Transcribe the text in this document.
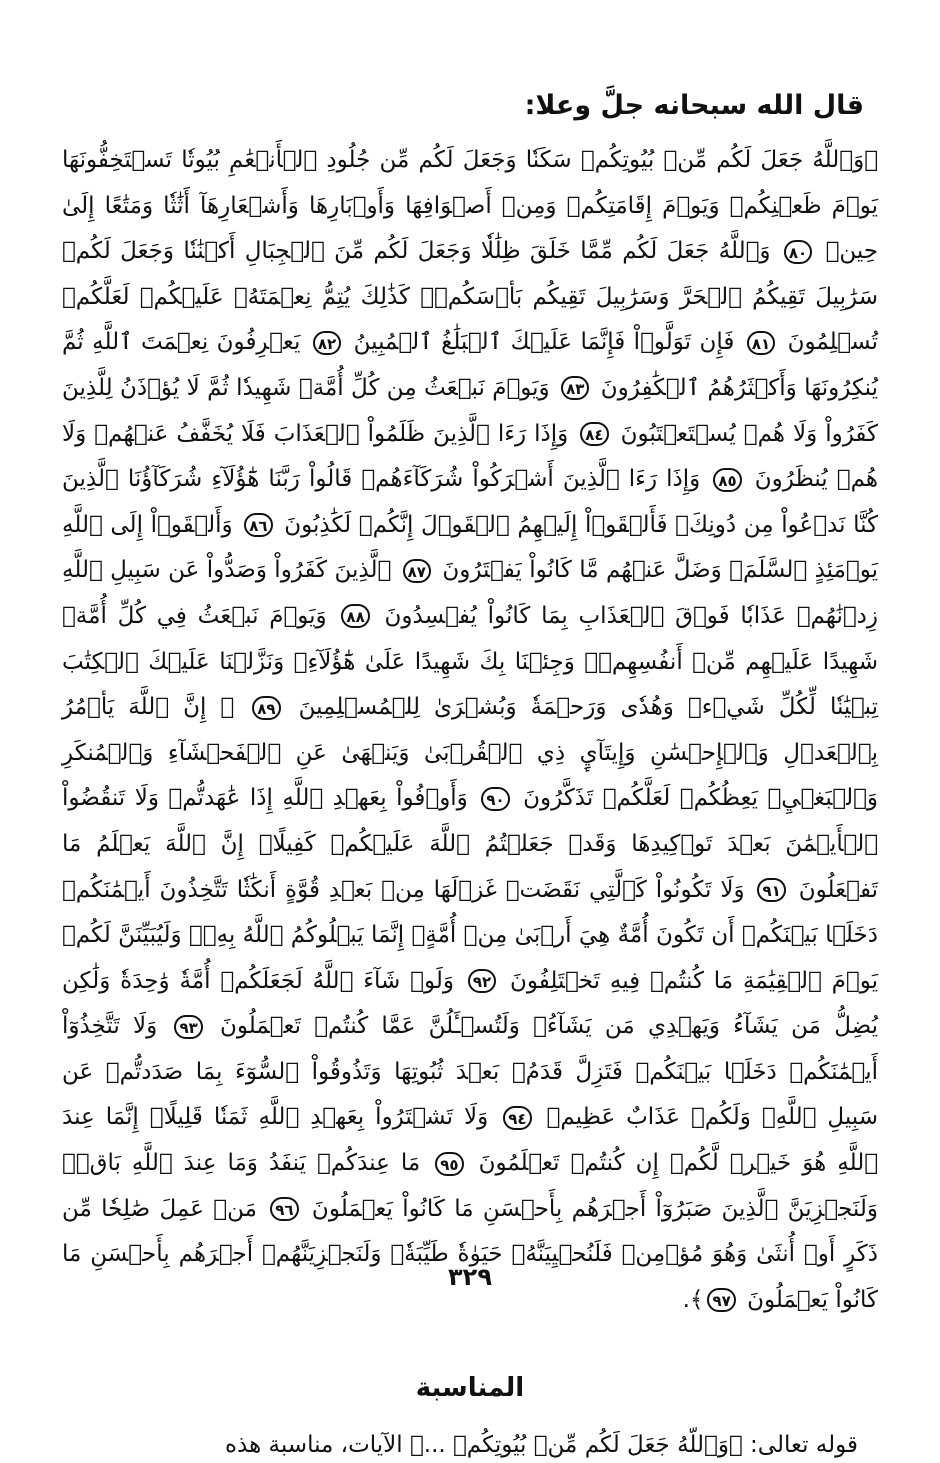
قال الله سبحانه جلَّ وعلا:

﴿وَٱللَّهُ جَعَلَ لَكُم مِّنۢ بُيُوتِكُمۡ سَكَنٗا وَجَعَلَ لَكُم مِّن جُلُودِ ٱلۡأَنۡعَٰمِ بُيُوتٗا تَسۡتَخِفُّونَهَا يَوۡمَ ظَعۡنِكُمۡ وَيَوۡمَ إِقَامَتِكُمۡ وَمِنۡ أَصۡوَافِهَا وَأَوۡبَارِهَا وَأَشۡعَارِهَآ أَثَٰثٗا وَمَتَٰعًا إِلَىٰ حِينٖ ٨٠ وَٱللَّهُ جَعَلَ لَكُم مِّمَّا خَلَقَ ظِلَٰلٗا وَجَعَلَ لَكُم مِّنَ ٱلۡجِبَالِ أَكۡنَٰنٗا وَجَعَلَ لَكُمۡ سَرَٰبِيلَ تَقِيكُمُ ٱلۡحَرَّ وَسَرَٰبِيلَ تَقِيكُم بَأۡسَكُمۡۚ كَذَٰلِكَ يُتِمُّ نِعۡمَتَهُۥ عَلَيۡكُمۡ لَعَلَّكُمۡ تُسۡلِمُونَ ٨١ فَإِن تَوَلَّوۡاْ فَإِنَّمَا عَلَيۡكَ ٱلۡبَلَٰغُ ٱلۡمُبِينُ ٨٢ يَعۡرِفُونَ نِعۡمَتَ ٱللَّهِ ثُمَّ يُنكِرُونَهَا وَأَكۡثَرُهُمُ ٱلۡكَٰفِرُونَ ٨٣ وَيَوۡمَ نَبۡعَثُ مِن كُلِّ أُمَّةٖ شَهِيدٗا ثُمَّ لَا يُؤۡذَنُ لِلَّذِينَ كَفَرُواْ وَلَا هُمۡ يُسۡتَعۡتَبُونَ ٨٤ وَإِذَا رَءَا ٱلَّذِينَ ظَلَمُواْ ٱلۡعَذَابَ فَلَا يُخَفَّفُ عَنۡهُمۡ وَلَا هُمۡ يُنظَرُونَ ٨٥ وَإِذَا رَءَا ٱلَّذِينَ أَشۡرَكُواْ شُرَكَآءَهُمۡ قَالُواْ رَبَّنَا هَٰٓؤُلَآءِ شُرَكَآؤُنَا ٱلَّذِينَ كُنَّا نَدۡعُواْ مِن دُونِكَۖ فَأَلۡقَوۡاْ إِلَيۡهِمُ ٱلۡقَوۡلَ إِنَّكُمۡ لَكَٰذِبُونَ ٨٦ وَأَلۡقَوۡاْ إِلَى ٱللَّهِ يَوۡمَئِذٍ ٱلسَّلَمَۖ وَضَلَّ عَنۡهُم مَّا كَانُواْ يَفۡتَرُونَ ٨٧ ٱلَّذِينَ كَفَرُواْ وَصَدُّواْ عَن سَبِيلِ ٱللَّهِ زِدۡنَٰهُمۡ عَذَابٗا فَوۡقَ ٱلۡعَذَابِ بِمَا كَانُواْ يُفۡسِدُونَ ٨٨ وَيَوۡمَ نَبۡعَثُ فِي كُلِّ أُمَّةٖ شَهِيدًا عَلَيۡهِم مِّنۡ أَنفُسِهِمۡۖ وَجِئۡنَا بِكَ شَهِيدًا عَلَىٰ هَٰٓؤُلَآءِۚ وَنَزَّلۡنَا عَلَيۡكَ ٱلۡكِتَٰبَ تِبۡيَٰنٗا لِّكُلِّ شَيۡءٖ وَهُدٗى وَرَحۡمَةٗ وَبُشۡرَىٰ لِلۡمُسۡلِمِينَ ٨٩ ۞ إِنَّ ٱللَّهَ يَأۡمُرُ بِٱلۡعَدۡلِ وَٱلۡإِحۡسَٰنِ وَإِيتَآيِٕ ذِي ٱلۡقُرۡبَىٰ وَيَنۡهَىٰ عَنِ ٱلۡفَحۡشَآءِ وَٱلۡمُنكَرِ وَٱلۡبَغۡيِۚ يَعِظُكُمۡ لَعَلَّكُمۡ تَذَكَّرُونَ ٩٠ وَأَوۡفُواْ بِعَهۡدِ ٱللَّهِ إِذَا عَٰهَدتُّمۡ وَلَا تَنقُضُواْ ٱلۡأَيۡمَٰنَ بَعۡدَ تَوۡكِيدِهَا وَقَدۡ جَعَلۡتُمُ ٱللَّهَ عَلَيۡكُمۡ كَفِيلًاۚ إِنَّ ٱللَّهَ يَعۡلَمُ مَا تَفۡعَلُونَ ٩١ وَلَا تَكُونُواْ كَٱلَّتِي نَقَضَتۡ غَزۡلَهَا مِنۢ بَعۡدِ قُوَّةٍ أَنكَٰثٗا تَتَّخِذُونَ أَيۡمَٰنَكُمۡ دَخَلَۢا بَيۡنَكُمۡ أَن تَكُونَ أُمَّةٌ هِيَ أَرۡبَىٰ مِنۡ أُمَّةٍۚ إِنَّمَا يَبۡلُوكُمُ ٱللَّهُ بِهِۦۚ وَلَيُبَيِّنَنَّ لَكُمۡ يَوۡمَ ٱلۡقِيَٰمَةِ مَا كُنتُمۡ فِيهِ تَخۡتَلِفُونَ ٩٢ وَلَوۡ شَآءَ ٱللَّهُ لَجَعَلَكُمۡ أُمَّةٗ وَٰحِدَةٗ وَلَٰكِن يُضِلُّ مَن يَشَآءُ وَيَهۡدِي مَن يَشَآءُۚ وَلَتُسۡـَٔلُنَّ عَمَّا كُنتُمۡ تَعۡمَلُونَ ٩٣ وَلَا تَتَّخِذُوٓاْ أَيۡمَٰنَكُمۡ دَخَلَۢا بَيۡنَكُمۡ فَتَزِلَّ قَدَمُۢ بَعۡدَ ثُبُوتِهَا وَتَذُوقُواْ ٱلسُّوٓءَ بِمَا صَدَدتُّمۡ عَن سَبِيلِ ٱللَّهِۖ وَلَكُمۡ عَذَابٌ عَظِيمٞ ٩٤ وَلَا تَشۡتَرُواْ بِعَهۡدِ ٱللَّهِ ثَمَنٗا قَلِيلًاۚ إِنَّمَا عِندَ ٱللَّهِ هُوَ خَيۡرٞ لَّكُمۡ إِن كُنتُمۡ تَعۡلَمُونَ ٩٥ مَا عِندَكُمۡ يَنفَدُ وَمَا عِندَ ٱللَّهِ بَاقٖۗ وَلَنَجۡزِيَنَّ ٱلَّذِينَ صَبَرُوٓاْ أَجۡرَهُم بِأَحۡسَنِ مَا كَانُواْ يَعۡمَلُونَ ٩٦ مَنۡ عَمِلَ صَٰلِحٗا مِّن ذَكَرٍ أَوۡ أُنثَىٰ وَهُوَ مُؤۡمِنٞ فَلَنُحۡيِيَنَّهُۥ حَيَوٰةٗ طَيِّبَةٗۖ وَلَنَجۡزِيَنَّهُمۡ أَجۡرَهُم بِأَحۡسَنِ مَا كَانُواْ يَعۡمَلُونَ ٩٧﴾.

المناسبة

قوله تعالى: ﴿وَٱللَّهُ جَعَلَ لَكُم مِّنۢ بُيُوتِكُمۡ ...﴾ الآيات، مناسبة هذه

٣٢٩
